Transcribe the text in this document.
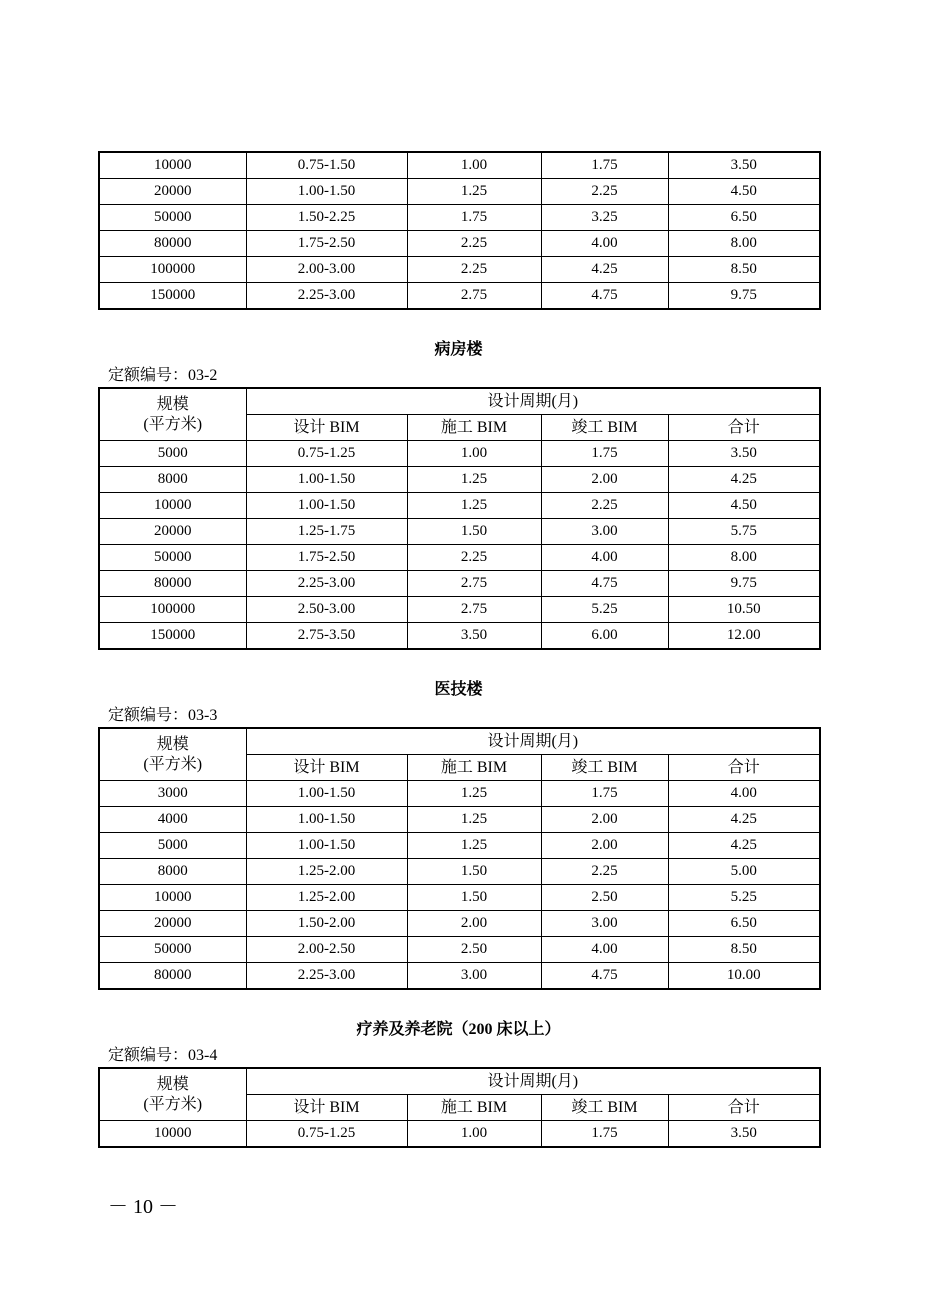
10000	0.75-1.50	1.00	1.75	3.50
20000	1.00-1.50	1.25	2.25	4.50
50000	1.50-2.25	1.75	3.25	6.50
80000	1.75-2.50	2.25	4.00	8.00
100000	2.00-3.00	2.25	4.25	8.50
150000	2.25-3.00	2.75	4.75	9.75
病房楼
定额编号：03-2
规模
(平方米)	设计周期(月)			
	设计 BIM	施工 BIM	竣工 BIM	合计
5000	0.75-1.25	1.00	1.75	3.50
8000	1.00-1.50	1.25	2.00	4.25
10000	1.00-1.50	1.25	2.25	4.50
20000	1.25-1.75	1.50	3.00	5.75
50000	1.75-2.50	2.25	4.00	8.00
80000	2.25-3.00	2.75	4.75	9.75
100000	2.50-3.00	2.75	5.25	10.50
150000	2.75-3.50	3.50	6.00	12.00
医技楼
定额编号：03-3
规模
(平方米)	设计周期(月)			
	设计 BIM	施工 BIM	竣工 BIM	合计
3000	1.00-1.50	1.25	1.75	4.00
4000	1.00-1.50	1.25	2.00	4.25
5000	1.00-1.50	1.25	2.00	4.25
8000	1.25-2.00	1.50	2.25	5.00
10000	1.25-2.00	1.50	2.50	5.25
20000	1.50-2.00	2.00	3.00	6.50
50000	2.00-2.50	2.50	4.00	8.50
80000	2.25-3.00	3.00	4.75	10.00
疗养及养老院（200 床以上）
定额编号：03-4
规模
(平方米)	设计周期(月)			
	设计 BIM	施工 BIM	竣工 BIM	合计
10000	0.75-1.25	1.00	1.75	3.50
－ 10 －
